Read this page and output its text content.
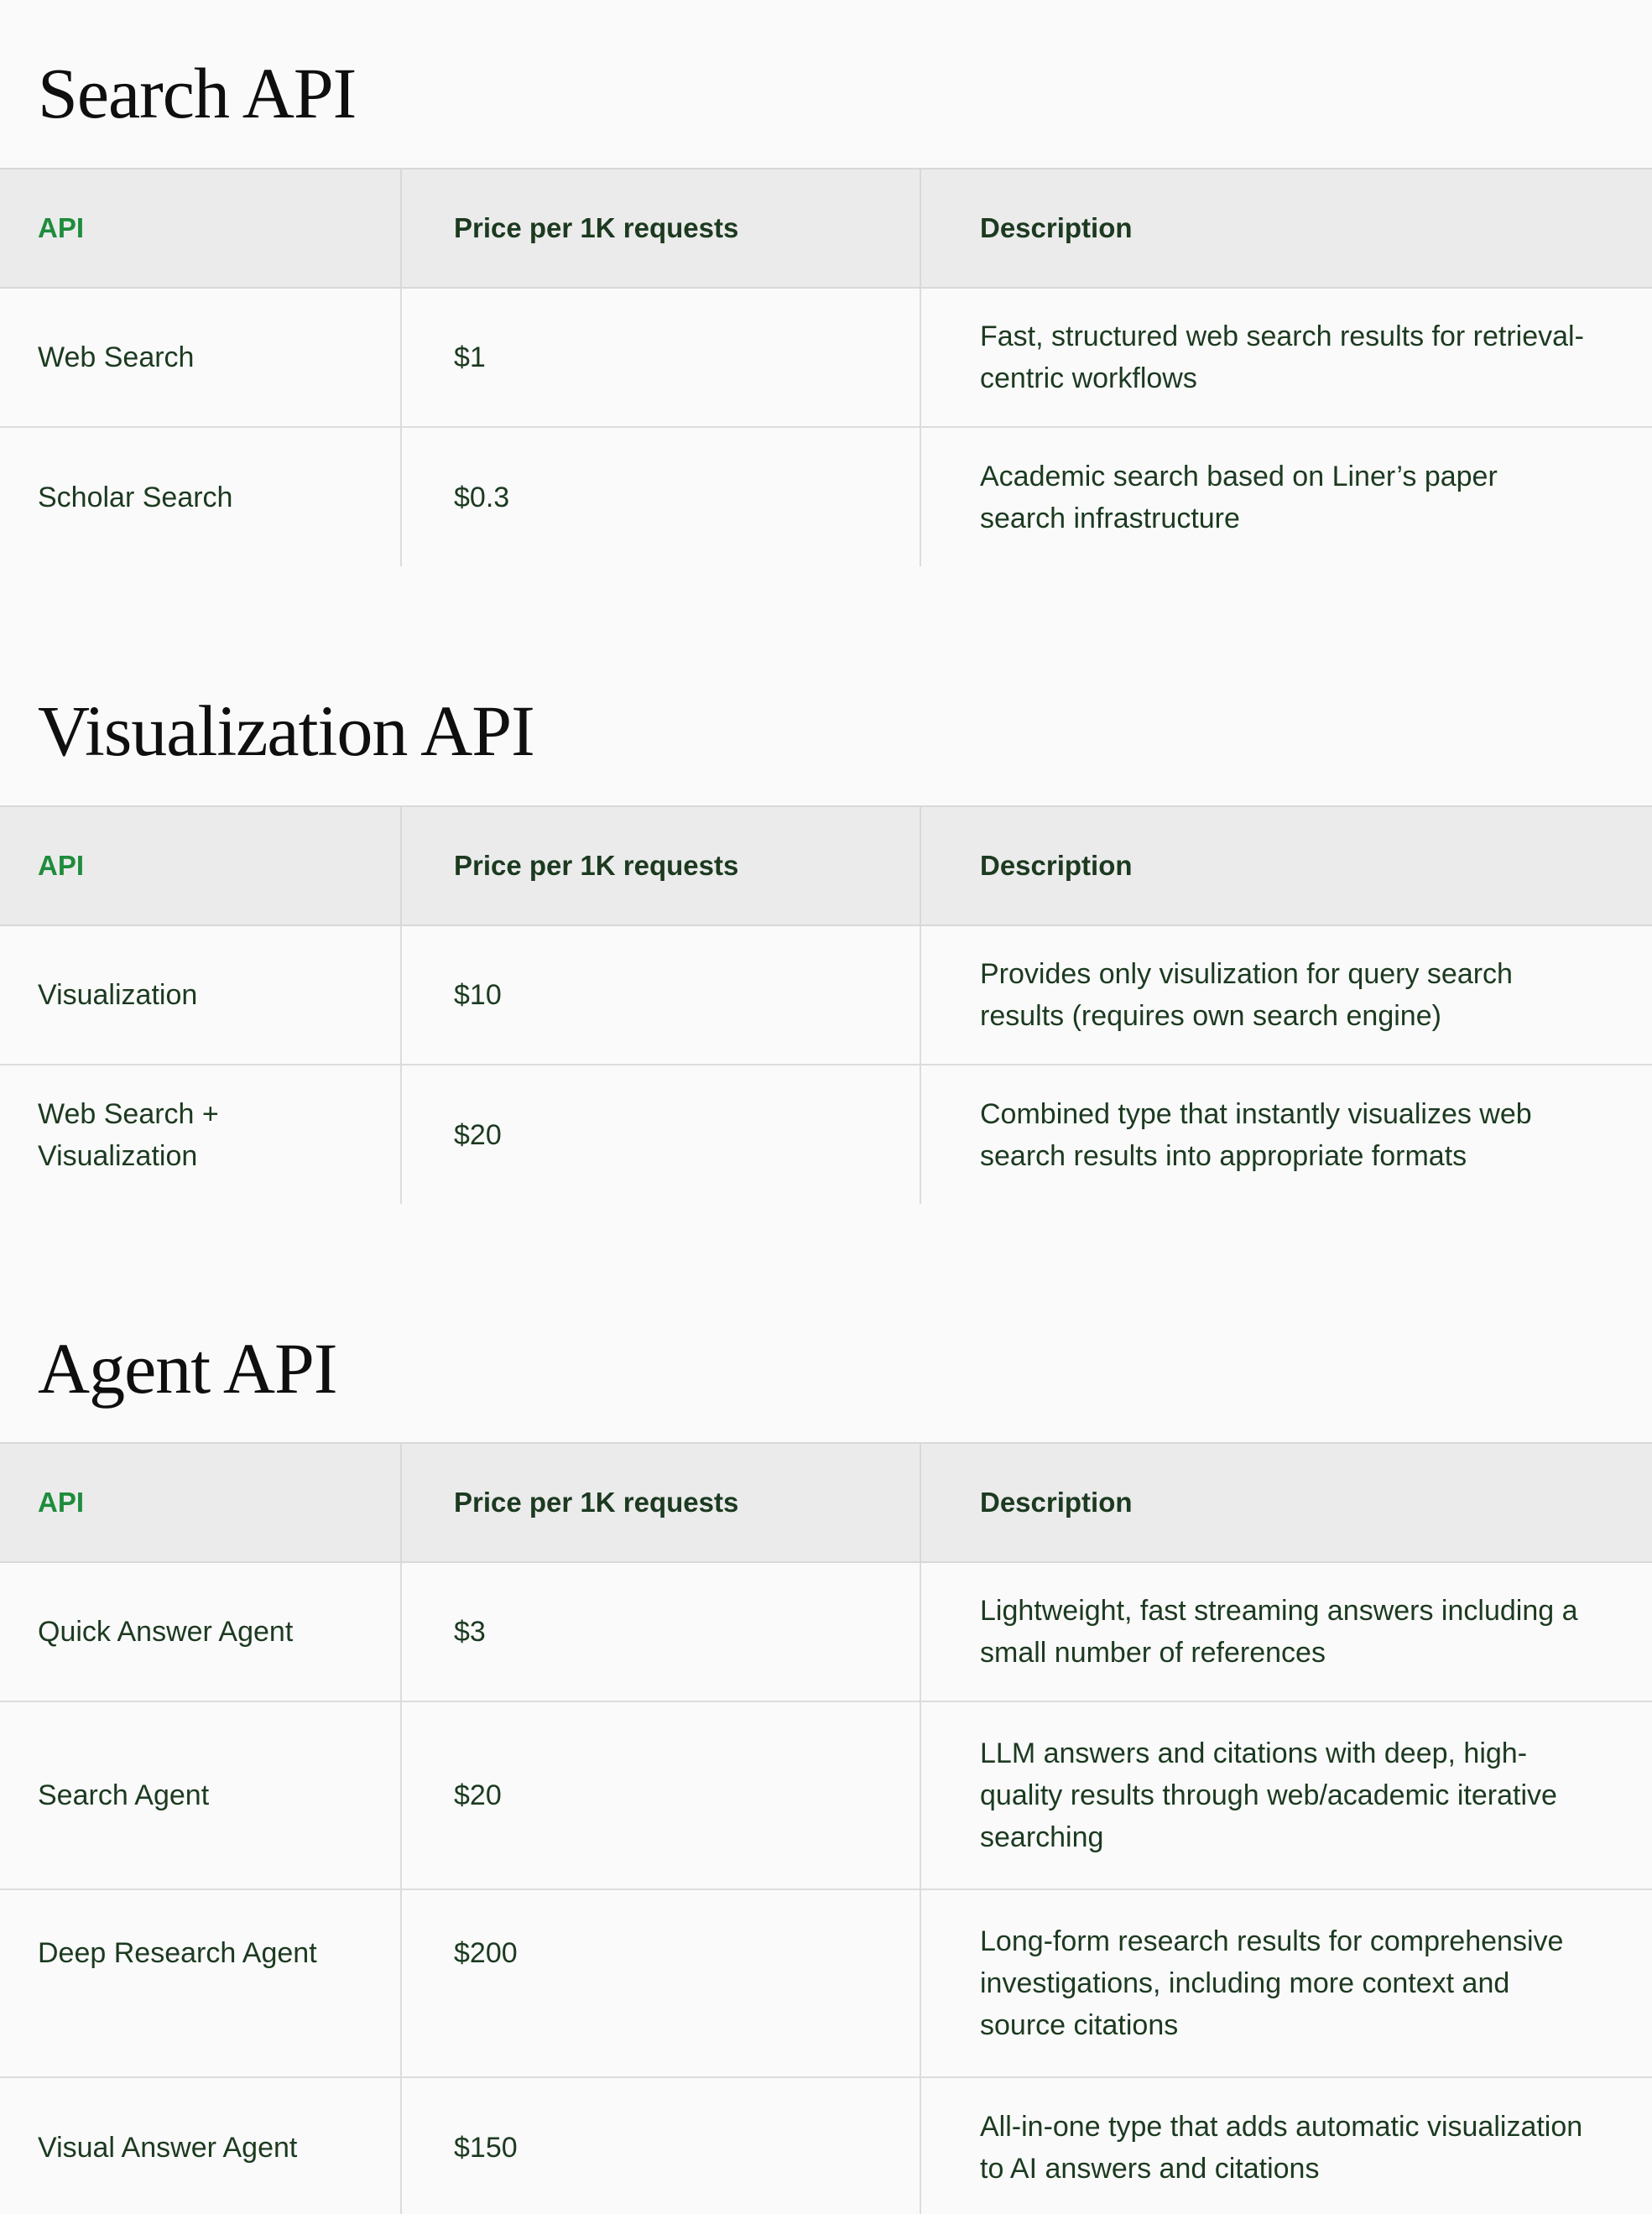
Search API
API	Price per 1K requests	Description
Web Search	$1	Fast, structured web search results for retrieval-centric workflows

Scholar Search	$0.3	Academic search based on Liner’s paper search infrastructure
Visualization API
API	Price per 1K requests	Description
Visualization	$10	Provides only visulization for query search results (requires own search engine)

Web Search + Visualization	$20	Combined type that instantly visualizes web search results into appropriate formats
Agent API
API	Price per 1K requests	Description
Quick Answer Agent	$3	Lightweight, fast streaming answers including a small number of references

Search Agent	$20	LLM answers and citations with deep, high-quality results through web/academic iterative searching

Deep Research Agent	$200	Long-form research results for comprehensive investigations, including more context and source citations

Visual Answer Agent	$150	All-in-one type that adds automatic visualization to AI answers and citations
